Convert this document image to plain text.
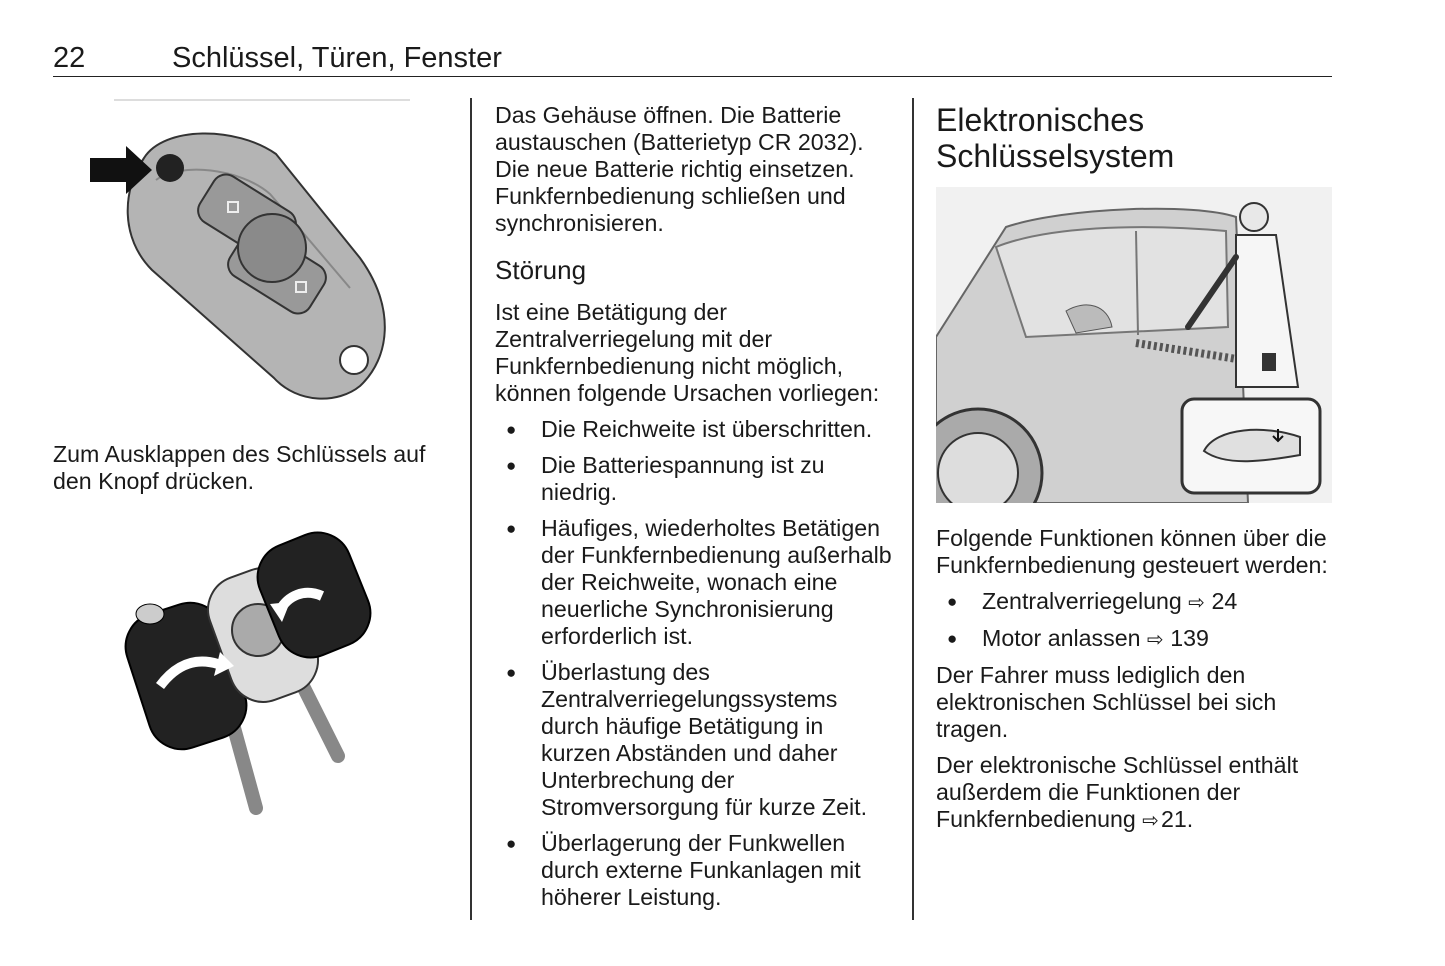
22	Schlüssel, Türen, Fenster

Zum Ausklappen des Schlüssels auf den Knopf drücken.

Das Gehäuse öffnen. Die Batterie austauschen (Batterietyp CR 2032). Die neue Batterie richtig einsetzen. Funkfernbedienung schließen und synchronisieren.

Störung

Ist eine Betätigung der Zentralverriegelung mit der Funkfernbedienung nicht möglich, können folgende Ursachen vorliegen:

● Die Reichweite ist überschritten.
● Die Batteriespannung ist zu niedrig.
● Häufiges, wiederholtes Betätigen der Funkfernbedienung außerhalb der Reichweite, wonach eine neuerliche Synchronisierung erforderlich ist.
● Überlastung des Zentralverriegelungssystems durch häufige Betätigung in kurzen Abständen und daher Unterbrechung der Stromversorgung für kurze Zeit.
● Überlagerung der Funkwellen durch externe Funkanlagen mit höherer Leistung.
Elektronisches Schlüsselsystem

Folgende Funktionen können über die Funkfernbedienung gesteuert werden:

● Zentralverriegelung ⇨ 24
● Motor anlassen ⇨ 139

Der Fahrer muss lediglich den elektronischen Schlüssel bei sich tragen.

Der elektronische Schlüssel enthält außerdem die Funktionen der Funkfernbedienung ⇨ 21.
